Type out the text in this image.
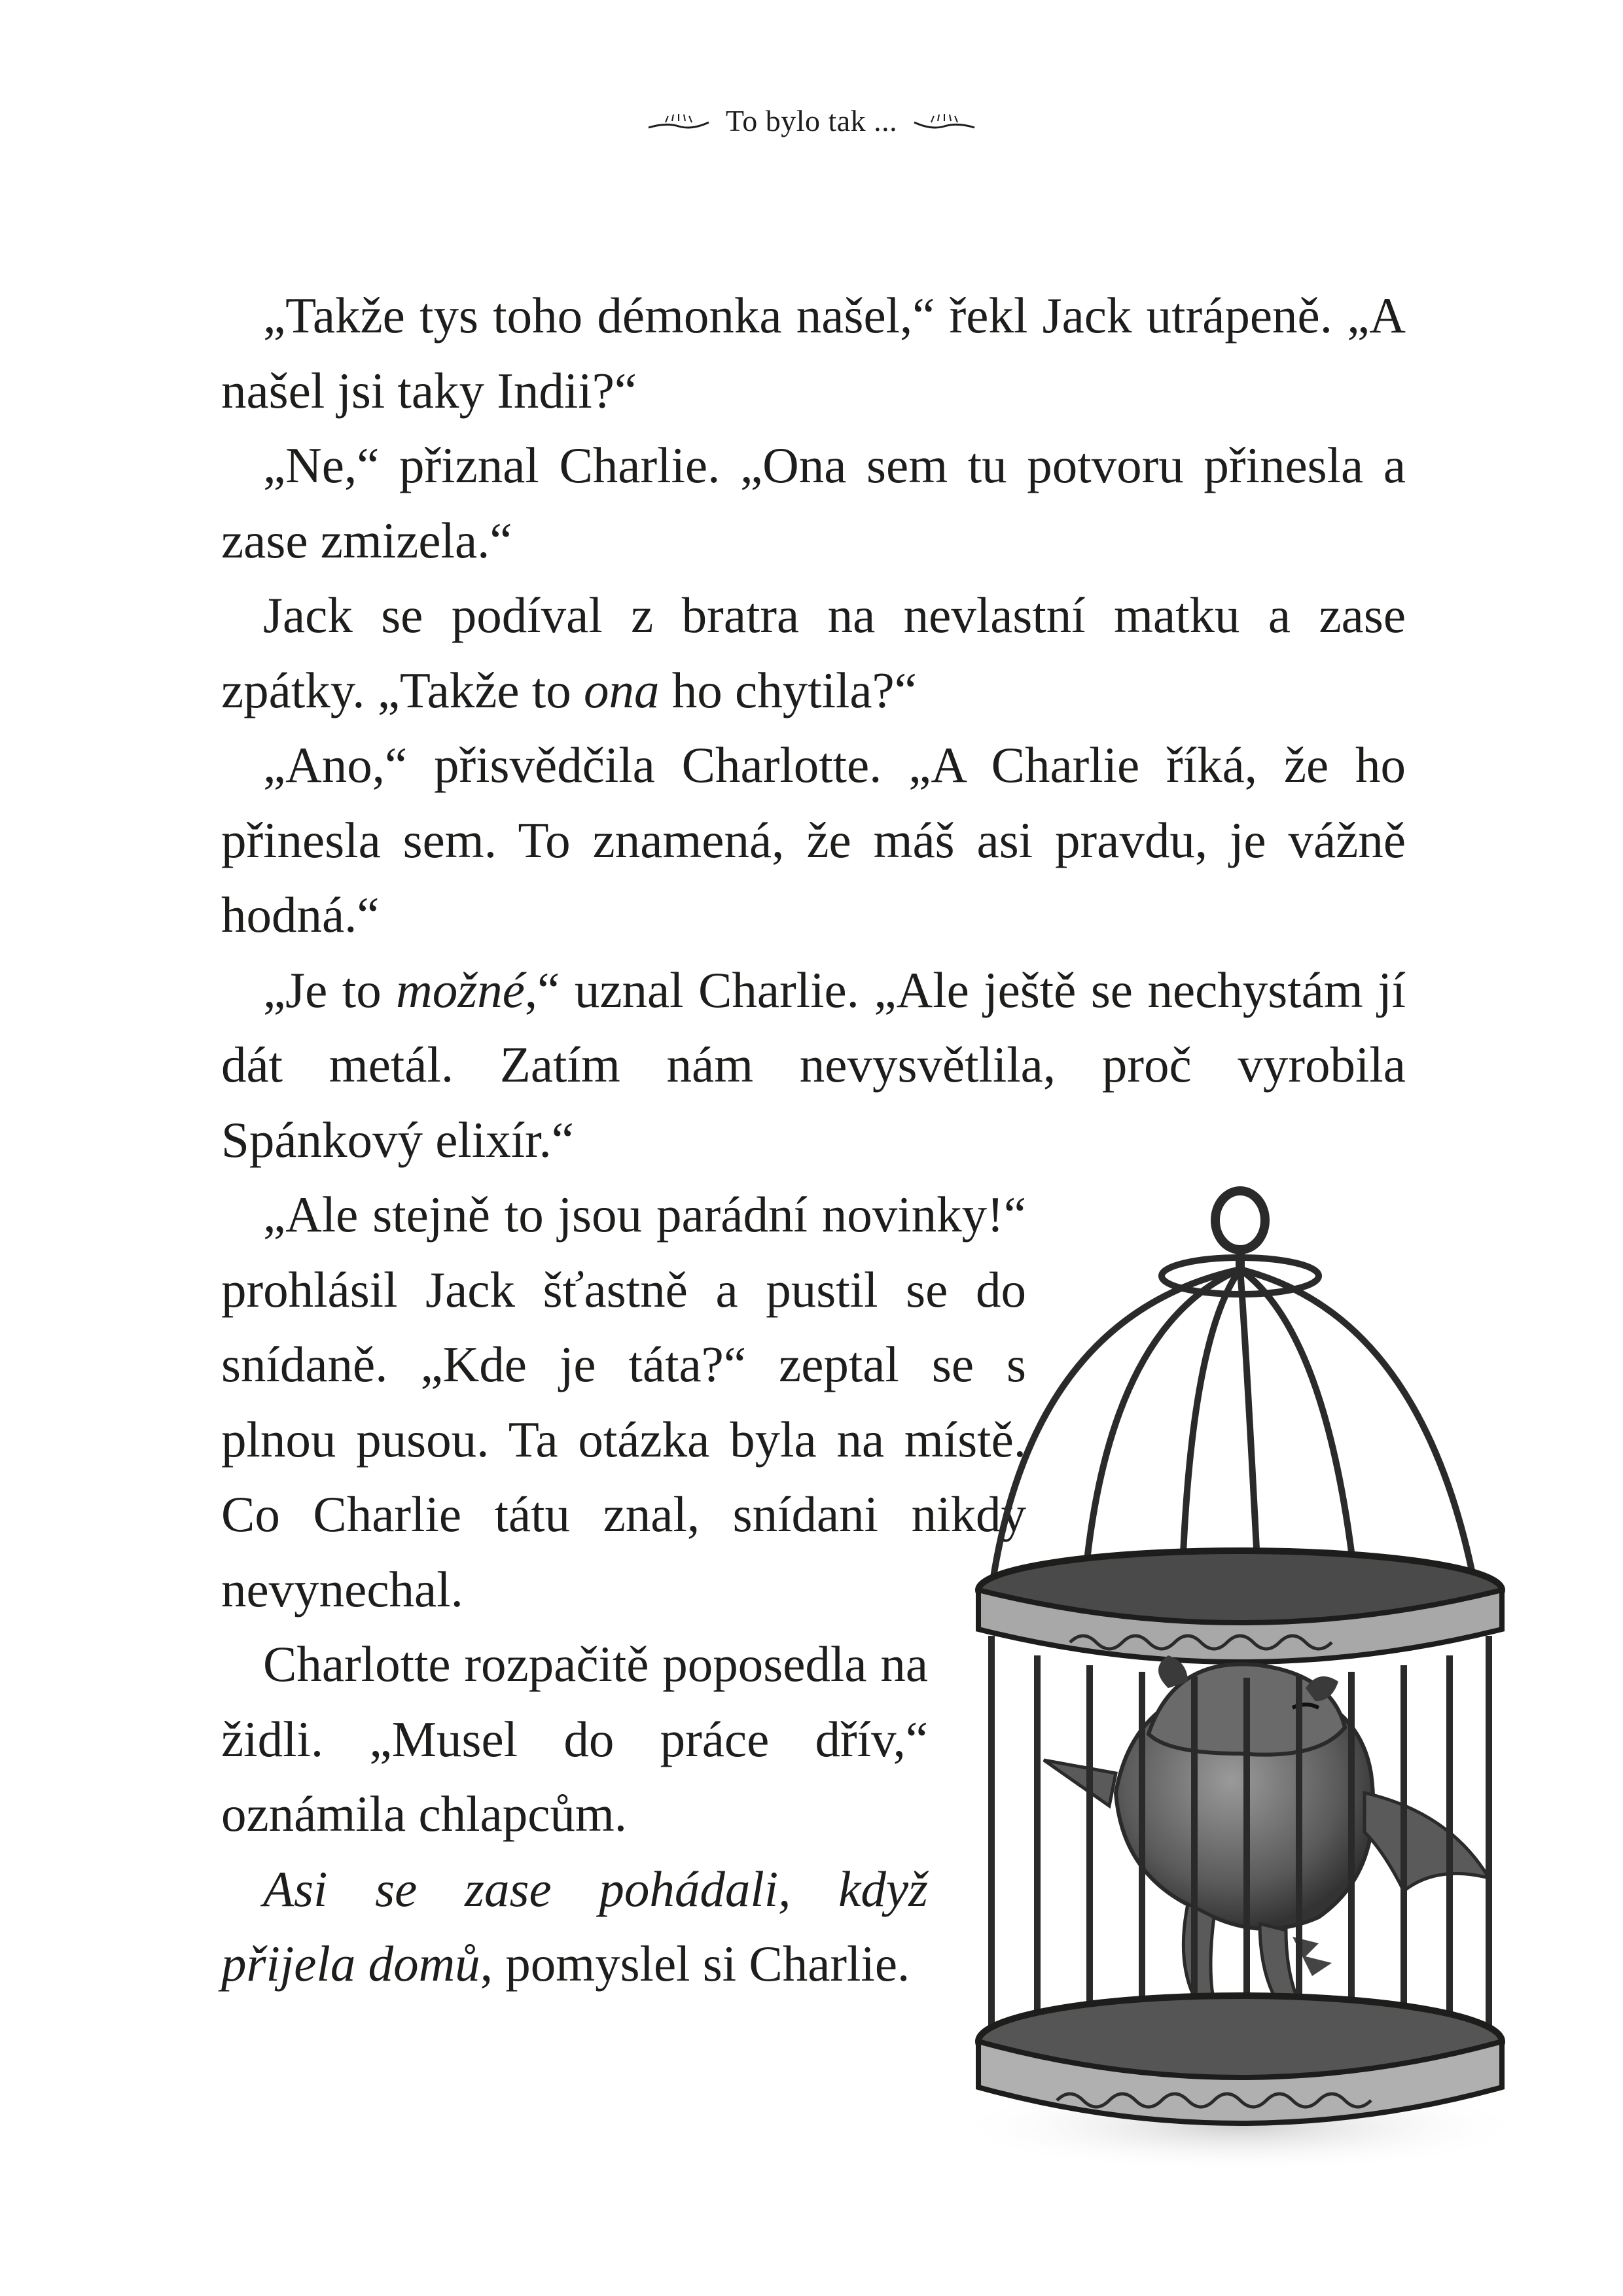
To bylo tak ...

„Takže tys toho démonka našel,“ řekl Jack utrápeně. „A našel jsi taky Indii?“

„Ne,“ přiznal Charlie. „Ona sem tu potvoru přinesla a zase zmizela.“

Jack se podíval z bratra na nevlastní matku a zase zpátky. „Takže to ona ho chytila?“

„Ano,“ přisvědčila Charlotte. „A Charlie říká, že ho přinesla sem. To znamená, že máš asi pravdu, je vážně hodná.“

„Je to možné,“ uznal Charlie. „Ale ještě se nechystám jí dát metál. Zatím nám nevysvětlila, proč vyrobila Spánkový elixír.“

„Ale stejně to jsou parádní novinky!“ prohlásil Jack šťastně a pustil se do snídaně. „Kde je táta?“ zeptal se s plnou pusou. Ta otázka byla na místě. Co Charlie tátu znal, snídani nikdy nevynechal.

Charlotte rozpačitě poposedla na židli. „Musel do práce dřív,“ oznámila chlapcům.

Asi se zase pohádali, když přijela domů, pomyslel si Charlie.
